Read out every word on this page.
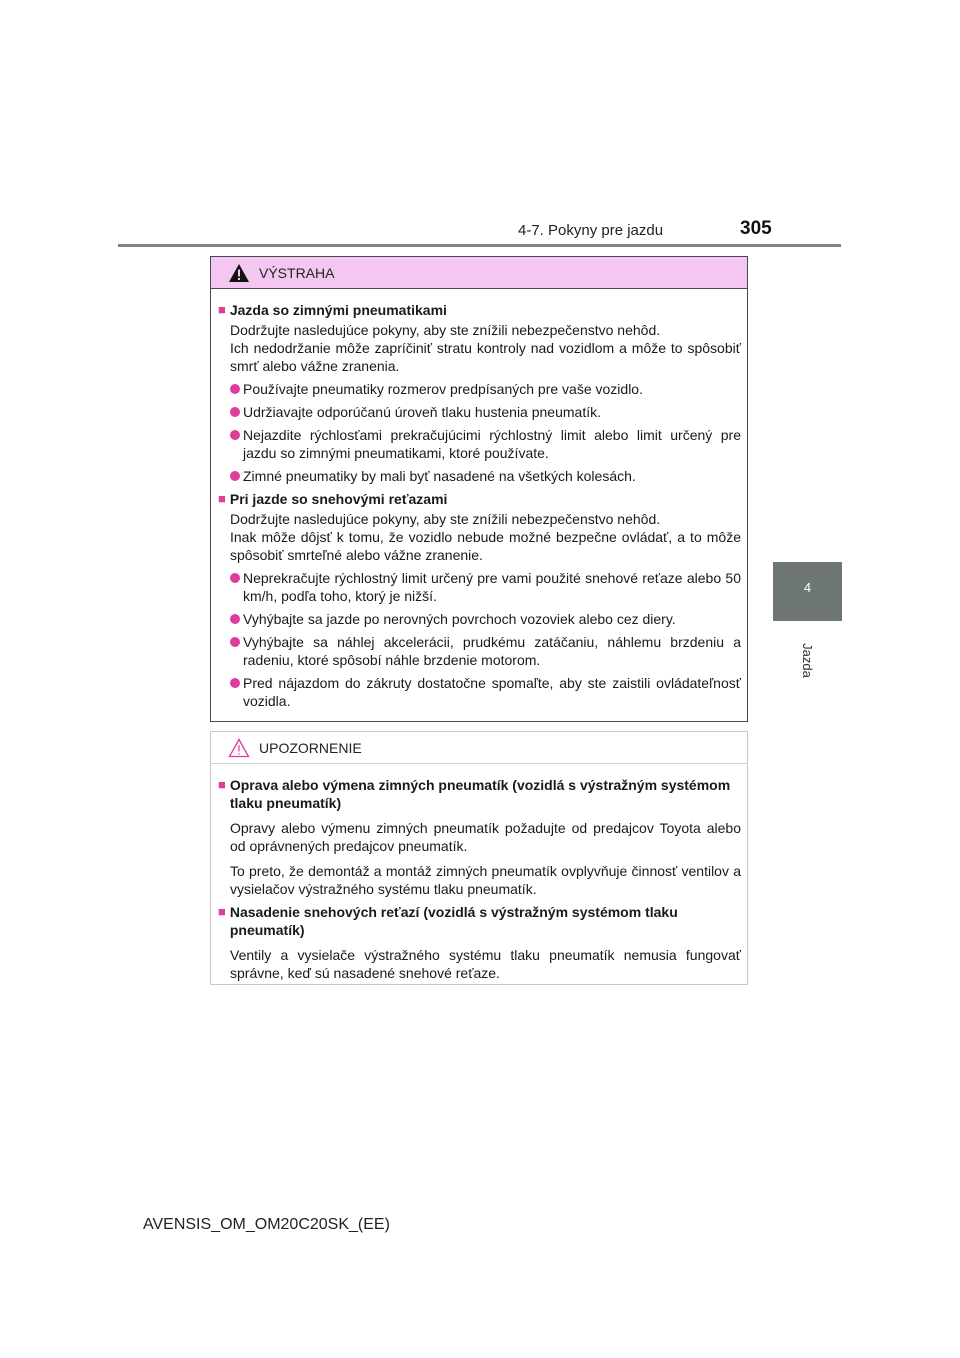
4-7. Pokyny pre jazdu	305
4
Jazda
VÝSTRAHA
■ Jazda so zimnými pneumatikami
Dodržujte nasledujúce pokyny, aby ste znížili nebezpečenstvo nehôd.
Ich nedodržanie môže zapríčiniť stratu kontroly nad vozidlom a môže to spôsobiť smrť alebo vážne zranenia.
Používajte pneumatiky rozmerov predpísaných pre vaše vozidlo.
Udržiavajte odporúčanú úroveň tlaku hustenia pneumatík.
Nejazdite rýchlosťami prekračujúcimi rýchlostný limit alebo limit určený pre jazdu so zimnými pneumatikami, ktoré používate.
Zimné pneumatiky by mali byť nasadené na všetkých kolesách.
■ Pri jazde so snehovými reťazami
Dodržujte nasledujúce pokyny, aby ste znížili nebezpečenstvo nehôd.
Inak môže dôjsť k tomu, že vozidlo nebude možné bezpečne ovládať, a to môže spôsobiť smrteľné alebo vážne zranenie.
Neprekračujte rýchlostný limit určený pre vami použité snehové reťaze alebo 50 km/h, podľa toho, ktorý je nižší.
Vyhýbajte sa jazde po nerovných povrchoch vozoviek alebo cez diery.
Vyhýbajte sa náhlej akcelerácii, prudkému zatáčaniu, náhlemu brzdeniu a radeniu, ktoré spôsobí náhle brzdenie motorom.
Pred nájazdom do zákruty dostatočne spomaľte, aby ste zaistili ovládateľnosť vozidla.
UPOZORNENIE
■ Oprava alebo výmena zimných pneumatík (vozidlá s výstražným systémom tlaku pneumatík)
Opravy alebo výmenu zimných pneumatík požadujte od predajcov Toyota alebo od oprávnených predajcov pneumatík.
To preto, že demontáž a montáž zimných pneumatík ovplyvňuje činnosť ventilov a vysielačov výstražného systému tlaku pneumatík.
■ Nasadenie snehových reťazí (vozidlá s výstražným systémom tlaku pneumatík)
Ventily a vysielače výstražného systému tlaku pneumatík nemusia fungovať správne, keď sú nasadené snehové reťaze.
AVENSIS_OM_OM20C20SK_(EE)
